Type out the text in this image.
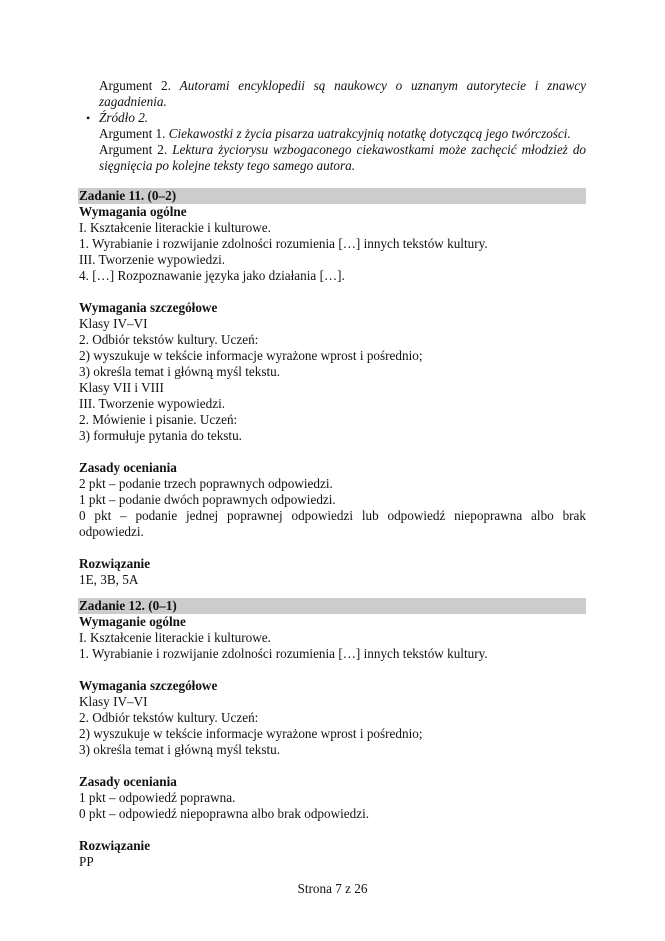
Argument 2. Autorami encyklopedii są naukowcy o uznanym autorytecie i znawcy
zagadnienia.
• Źródło 2.
Argument 1. Ciekawostki z życia pisarza uatrakcyjnią notatkę dotyczącą jego twórczości.
Argument 2. Lektura życiorysu wzbogaconego ciekawostkami może zachęcić młodzież do
sięgnięcia po kolejne teksty tego samego autora.
Zadanie 11. (0–2)
Wymagania ogólne
I. Kształcenie literackie i kulturowe.
1. Wyrabianie i rozwijanie zdolności rozumienia […] innych tekstów kultury.
III. Tworzenie wypowiedzi.
4. […] Rozpoznawanie języka jako działania […].
Wymagania szczegółowe
Klasy IV–VI
2. Odbiór tekstów kultury. Uczeń:
2) wyszukuje w tekście informacje wyrażone wprost i pośrednio;
3) określa temat i główną myśl tekstu.
Klasy VII i VIII
III. Tworzenie wypowiedzi.
2. Mówienie i pisanie. Uczeń:
3) formułuje pytania do tekstu.
Zasady oceniania
2 pkt – podanie trzech poprawnych odpowiedzi.
1 pkt – podanie dwóch poprawnych odpowiedzi.
0 pkt – podanie jednej poprawnej odpowiedzi lub odpowiedź niepoprawna albo brak
odpowiedzi.
Rozwiązanie
1E, 3B, 5A
Zadanie 12. (0–1)
Wymaganie ogólne
I. Kształcenie literackie i kulturowe.
1. Wyrabianie i rozwijanie zdolności rozumienia […] innych tekstów kultury.
Wymagania szczegółowe
Klasy IV–VI
2. Odbiór tekstów kultury. Uczeń:
2) wyszukuje w tekście informacje wyrażone wprost i pośrednio;
3) określa temat i główną myśl tekstu.
Zasady oceniania
1 pkt – odpowiedź poprawna.
0 pkt – odpowiedź niepoprawna albo brak odpowiedzi.
Rozwiązanie
PP
Strona 7 z 26
